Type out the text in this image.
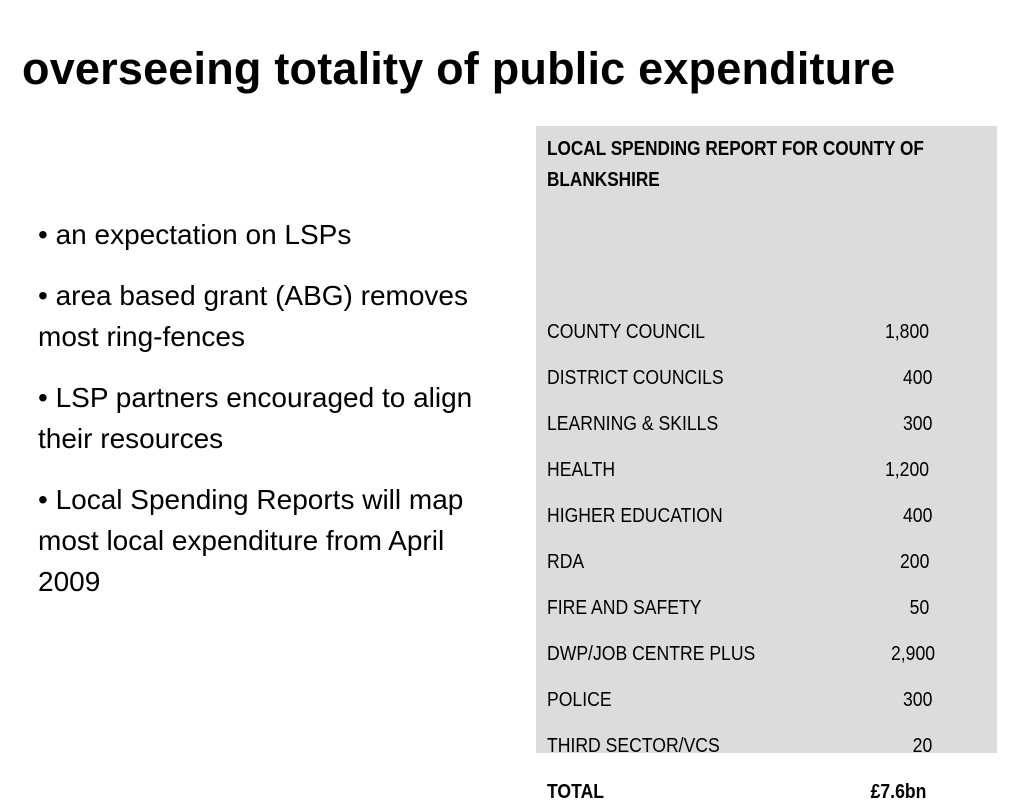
overseeing totality of public expenditure
• an expectation on LSPs
• area based grant (ABG) removes most ring-fences
• LSP partners encouraged to align their resources
• Local Spending Reports will map most local expenditure from April 2009
LOCAL SPENDING REPORT FOR COUNTY OF BLANKSHIRE
COUNTY COUNCIL	1,800
DISTRICT COUNCILS	400
LEARNING & SKILLS	300
HEALTH	1,200
HIGHER EDUCATION	400
RDA	200
FIRE AND SAFETY	50
DWP/JOB CENTRE PLUS	2,900
POLICE	300
THIRD SECTOR/VCS	20
TOTAL	£7.6bn
